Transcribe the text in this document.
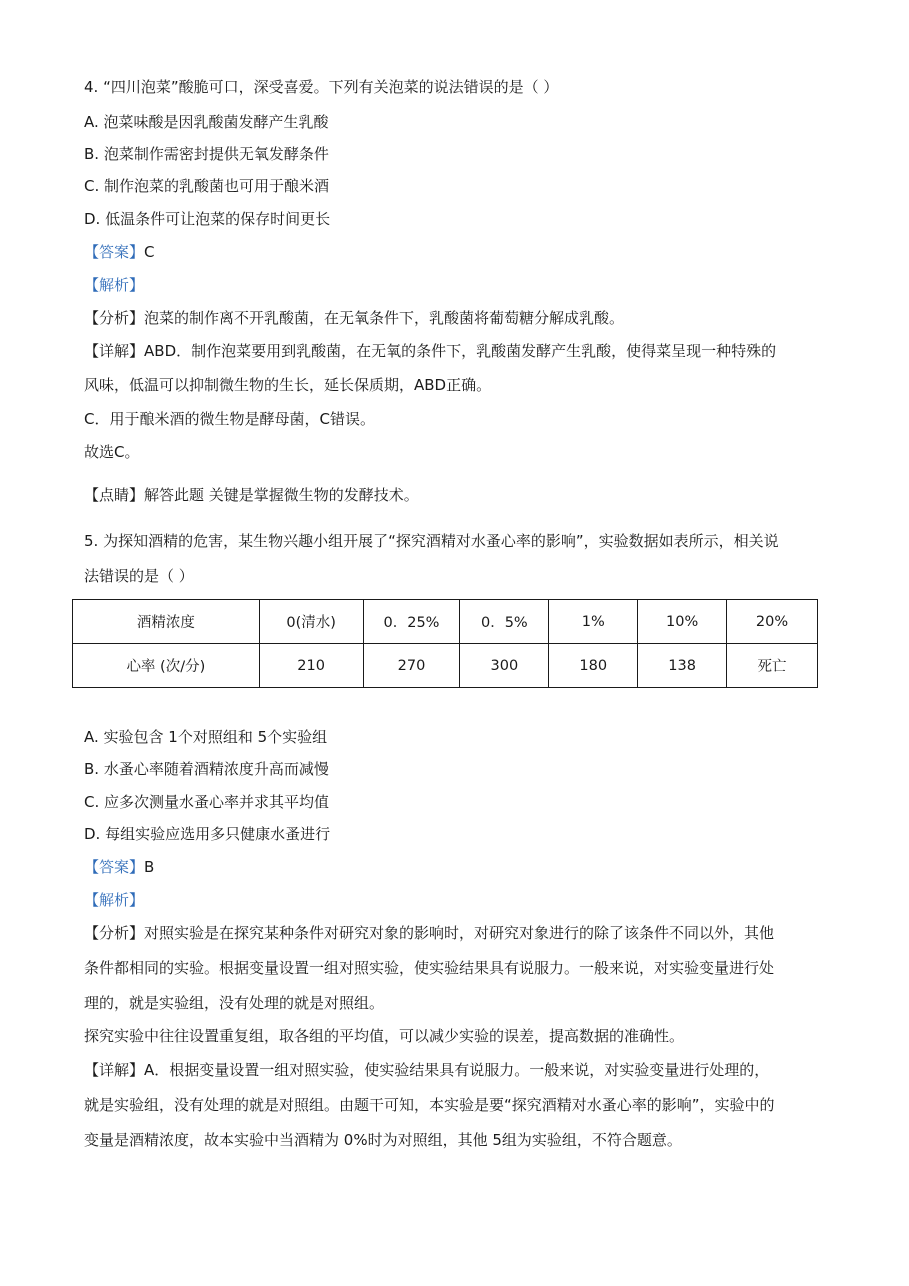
4. “四川泡菜”酸脆可口，深受喜爱。下列有关泡菜的说法错误的是（ ）
A. 泡菜味酸是因乳酸菌发酵产生乳酸
B. 泡菜制作需密封提供无氧发酵条件
C. 制作泡菜的乳酸菌也可用于酿米酒
D. 低温条件可让泡菜的保存时间更长
【答案】C
【解析】
【分析】泡菜的制作离不开乳酸菌，在无氧条件下，乳酸菌将葡萄糖分解成乳酸。
【详解】ABD．制作泡菜要用到乳酸菌，在无氧的条件下，乳酸菌发酵产生乳酸，使得菜呈现一种特殊的
风味，低温可以抑制微生物的生长，延长保质期，ABD正确。
C．用于酿米酒的微生物是酵母菌，C错误。
故选C。
【点睛】解答此题 关键是掌握微生物的发酵技术。
5. 为探知酒精的危害，某生物兴趣小组开展了“探究酒精对水蚤心率的影响”，实验数据如表所示，相关说
法错误的是（ ）
酒精浓度	0(清水)	0．25%	0．5%	1%	10%	20%
心率 (次/分)	210	270	300	180	138	死亡
A. 实验包含 1个对照组和 5个实验组
B. 水蚤心率随着酒精浓度升高而减慢
C. 应多次测量水蚤心率并求其平均值
D. 每组实验应选用多只健康水蚤进行
【答案】B
【解析】
【分析】对照实验是在探究某种条件对研究对象的影响时，对研究对象进行的除了该条件不同以外，其他
条件都相同的实验。根据变量设置一组对照实验，使实验结果具有说服力。一般来说，对实验变量进行处
理的，就是实验组，没有处理的就是对照组。
探究实验中往往设置重复组，取各组的平均值，可以减少实验的误差，提高数据的准确性。
【详解】A．根据变量设置一组对照实验，使实验结果具有说服力。一般来说，对实验变量进行处理的，
就是实验组，没有处理的就是对照组。由题干可知，本实验是要“探究酒精对水蚤心率的影响”，实验中的
变量是酒精浓度，故本实验中当酒精为 0%时为对照组，其他 5组为实验组，不符合题意。
